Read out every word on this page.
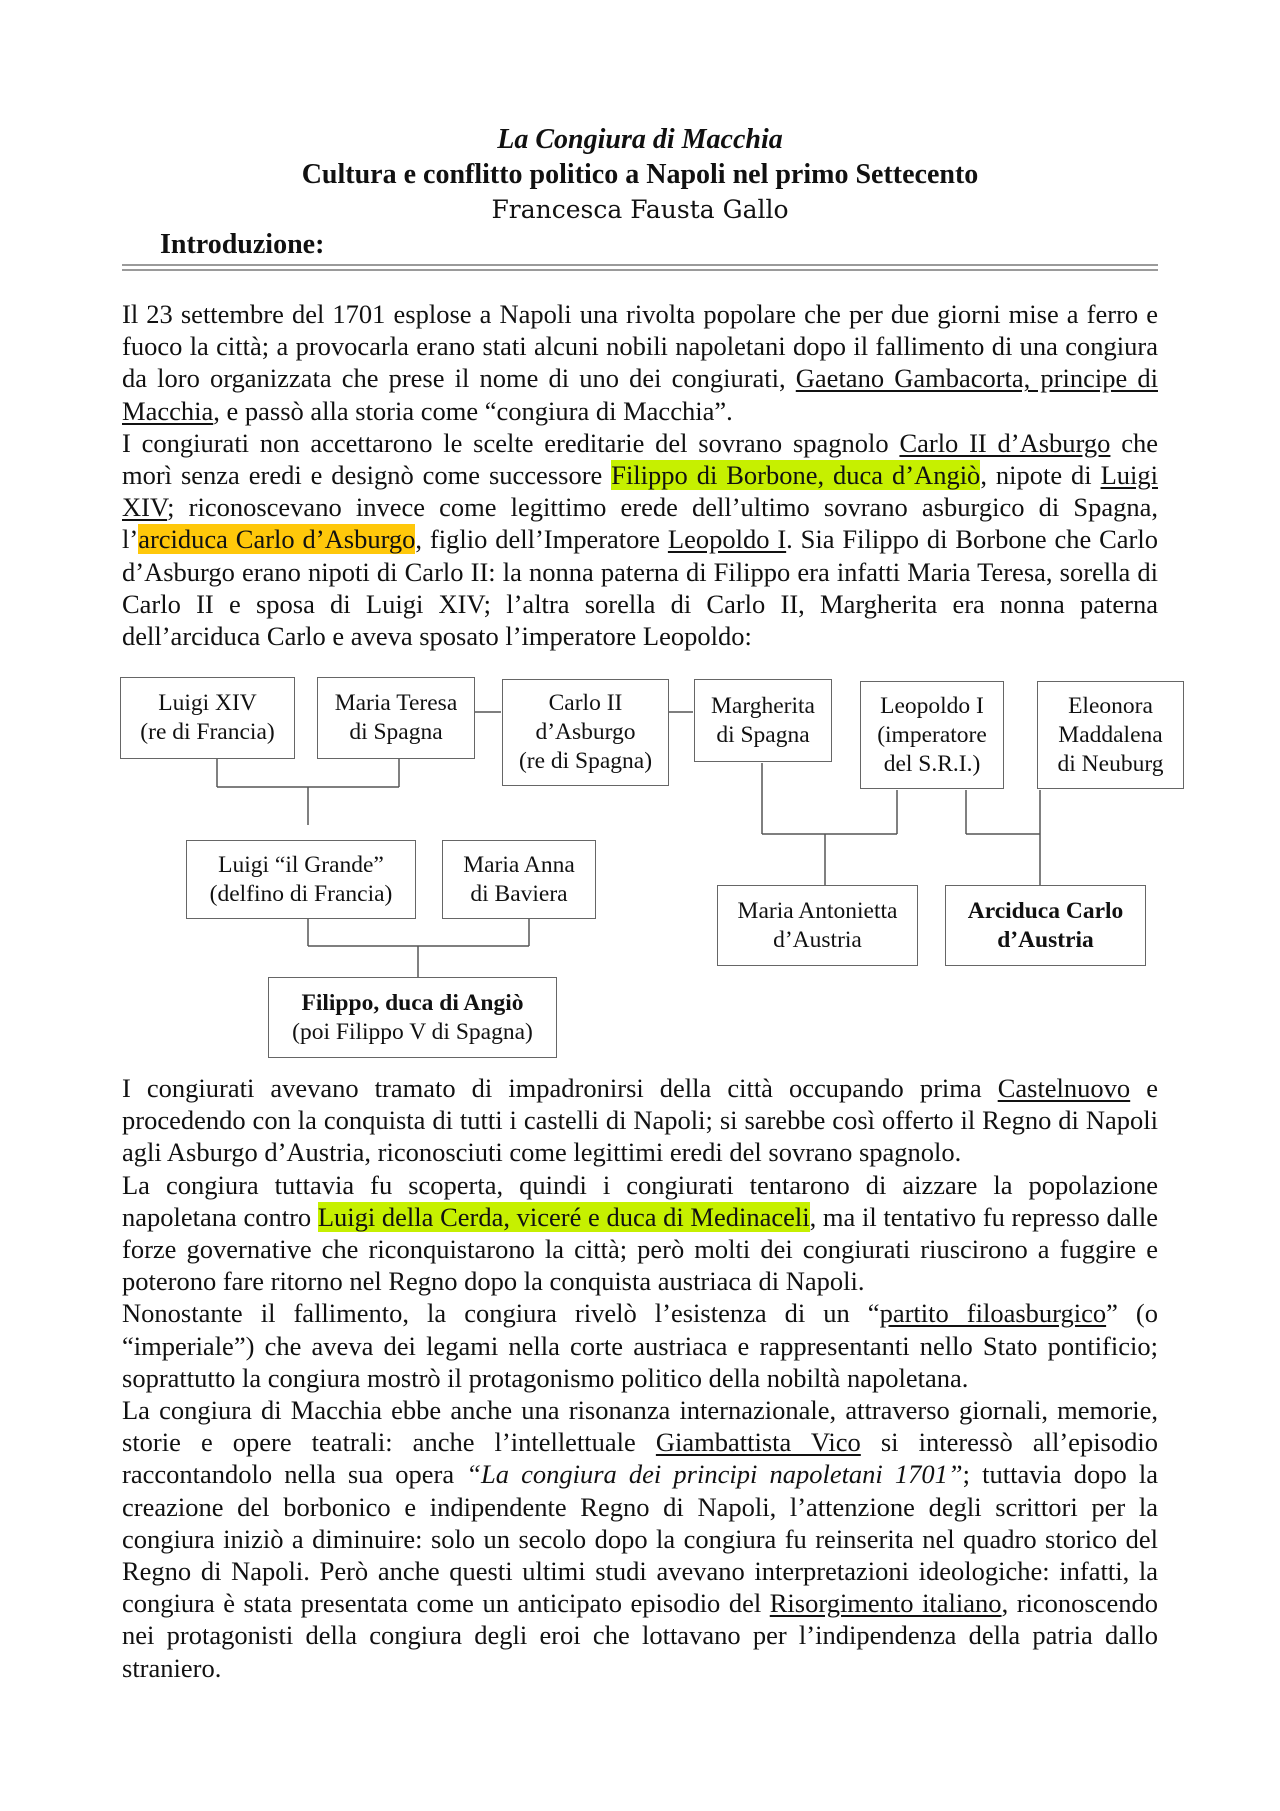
La Congiura di Macchia
Cultura e conflitto politico a Napoli nel primo Settecento
Francesca Fausta Gallo
Introduzione:

Il 23 settembre del 1701 esplose a Napoli una rivolta popolare che per due giorni mise a ferro e fuoco la città; a provocarla erano stati alcuni nobili napoletani dopo il fallimento di una congiura da loro organizzata che prese il nome di uno dei congiurati, Gaetano Gambacorta, principe di Macchia, e passò alla storia come “congiura di Macchia”.

I congiurati non accettarono le scelte ereditarie del sovrano spagnolo Carlo II d’Asburgo che morì senza eredi e designò come successore Filippo di Borbone, duca d’Angiò, nipote di Luigi XIV; riconoscevano invece come legittimo erede dell’ultimo sovrano asburgico di Spagna, l’arciduca Carlo d’Asburgo, figlio dell’Imperatore Leopoldo I. Sia Filippo di Borbone che Carlo d’Asburgo erano nipoti di Carlo II: la nonna paterna di Filippo era infatti Maria Teresa, sorella di Carlo II e sposa di Luigi XIV; l’altra sorella di Carlo II, Margherita era nonna paterna dell’arciduca Carlo e aveva sposato l’imperatore Leopoldo:

Luigi XIV
(re di Francia)
Maria Teresa
di Spagna
Carlo II
d’Asburgo
(re di Spagna)
Margherita
di Spagna
Leopoldo I
(imperatore
del S.R.I.)
Eleonora
Maddalena
di Neuburg
Luigi “il Grande”
(delfino di Francia)
Maria Anna
di Baviera
Maria Antonietta
d’Austria
Arciduca Carlo
d’Austria
Filippo, duca di Angiò
(poi Filippo V di Spagna)

I congiurati avevano tramato di impadronirsi della città occupando prima Castelnuovo e procedendo con la conquista di tutti i castelli di Napoli; si sarebbe così offerto il Regno di Napoli agli Asburgo d’Austria, riconosciuti come legittimi eredi del sovrano spagnolo.

La congiura tuttavia fu scoperta, quindi i congiurati tentarono di aizzare la popolazione napoletana contro Luigi della Cerda, viceré e duca di Medinaceli, ma il tentativo fu represso dalle forze governative che riconquistarono la città; però molti dei congiurati riuscirono a fuggire e poterono fare ritorno nel Regno dopo la conquista austriaca di Napoli.

Nonostante il fallimento, la congiura rivelò l’esistenza di un “partito filoasburgico” (o “imperiale”) che aveva dei legami nella corte austriaca e rappresentanti nello Stato pontificio; soprattutto la congiura mostrò il protagonismo politico della nobiltà napoletana.

La congiura di Macchia ebbe anche una risonanza internazionale, attraverso giornali, memorie, storie e opere teatrali: anche l’intellettuale Giambattista Vico si interessò all’episodio raccontandolo nella sua opera “La congiura dei principi napoletani 1701”; tuttavia dopo la creazione del borbonico e indipendente Regno di Napoli, l’attenzione degli scrittori per la congiura iniziò a diminuire: solo un secolo dopo la congiura fu reinserita nel quadro storico del Regno di Napoli. Però anche questi ultimi studi avevano interpretazioni ideologiche: infatti, la congiura è stata presentata come un anticipato episodio del Risorgimento italiano, riconoscendo nei protagonisti della congiura degli eroi che lottavano per l’indipendenza della patria dallo straniero.
